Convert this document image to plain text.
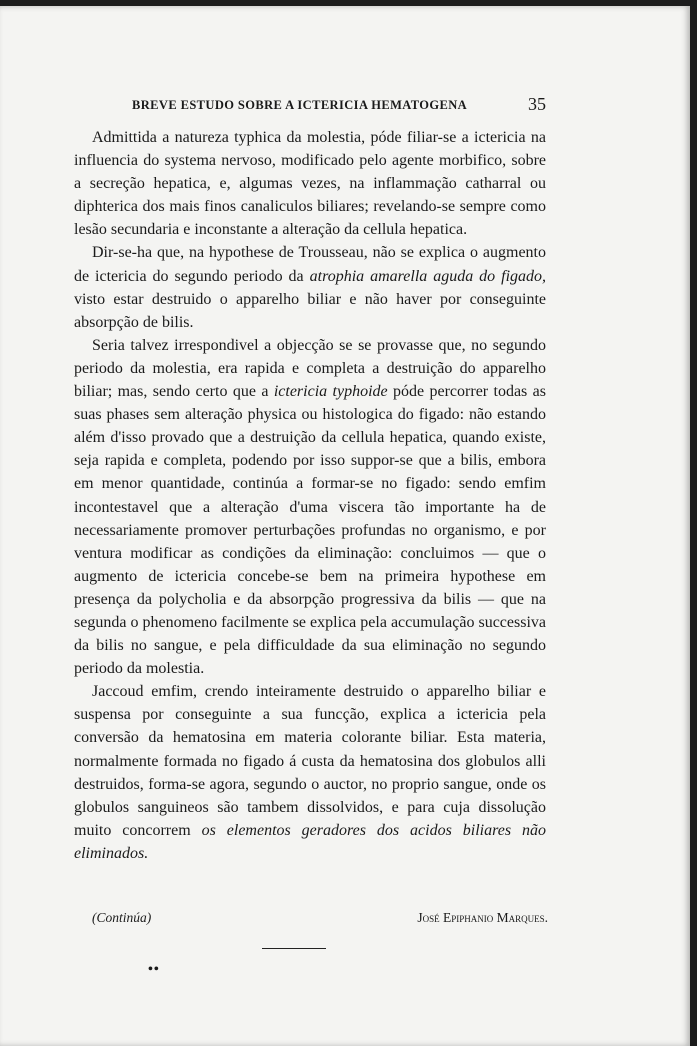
BREVE ESTUDO SOBRE A ICTERICIA HEMATOGENA	35

Admittida a natureza typhica da molestia, póde filiar-se a ictericia na influencia do systema nervoso, modificado pelo agente morbifico, sobre a secreção hepatica, e, algumas vezes, na inflammação catharral ou diphterica dos mais finos canaliculos biliares; revelando-se sempre como lesão secundaria e inconstante a alteração da cellula hepatica.

Dir-se-ha que, na hypothese de Trousseau, não se explica o augmento de ictericia do segundo periodo da atrophia amarella aguda do figado, visto estar destruido o apparelho biliar e não haver por conseguinte absorpção de bilis.

Seria talvez irrespondivel a objecção se se provasse que, no segundo periodo da molestia, era rapida e completa a destruição do apparelho biliar; mas, sendo certo que a ictericia typhoide póde percorrer todas as suas phases sem alteração physica ou histologica do figado: não estando além d'isso provado que a destruição da cellula hepatica, quando existe, seja rapida e completa, podendo por isso suppor-se que a bilis, embora em menor quantidade, continúa a formar-se no figado: sendo emfim incontestavel que a alteração d'uma viscera tão importante ha de necessariamente promover perturbações profundas no organismo, e por ventura modificar as condições da eliminação: concluimos — que o augmento de ictericia concebe-se bem na primeira hypothese em presença da polycholia e da absorpção progressiva da bilis — que na segunda o phenomeno facilmente se explica pela accumulação successiva da bilis no sangue, e pela difficuldade da sua eliminação no segundo periodo da molestia.

Jaccoud emfim, crendo inteiramente destruido o apparelho biliar e suspensa por conseguinte a sua funcção, explica a ictericia pela conversão da hematosina em materia colorante biliar. Esta materia, normalmente formada no figado á custa da hematosina dos globulos alli destruidos, forma-se agora, segundo o auctor, no proprio sangue, onde os globulos sanguineos são tambem dissolvidos, e para cuja dissolução muito concorrem os elementos geradores dos acidos biliares não eliminados.

(Continúa)	José Epiphanio Marques.
••
